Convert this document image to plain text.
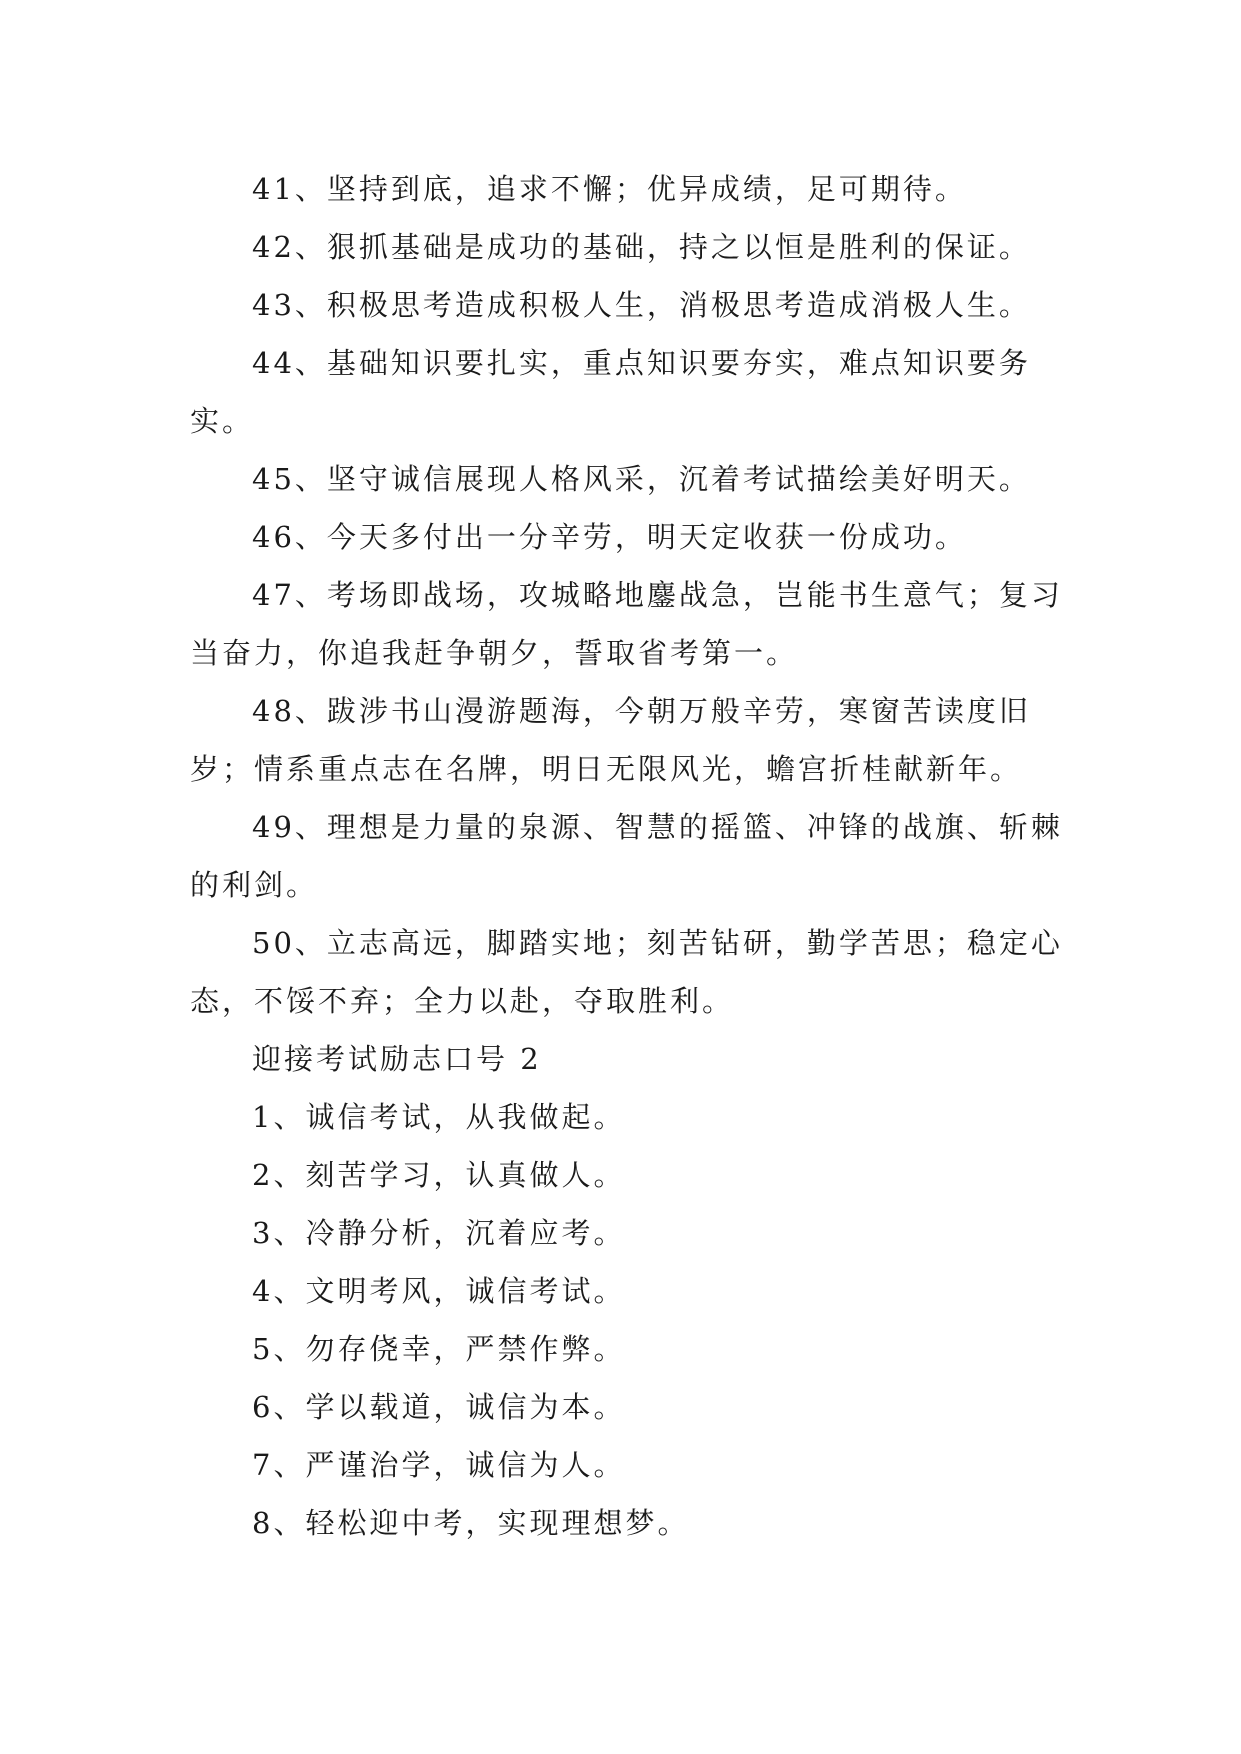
41、坚持到底，追求不懈；优异成绩，足可期待。

42、狠抓基础是成功的基础，持之以恒是胜利的保证。

43、积极思考造成积极人生，消极思考造成消极人生。

44、基础知识要扎实，重点知识要夯实，难点知识要务实。

45、坚守诚信展现人格风采，沉着考试描绘美好明天。

46、今天多付出一分辛劳，明天定收获一份成功。

47、考场即战场，攻城略地鏖战急，岂能书生意气；复习当奋力，你追我赶争朝夕，誓取省考第一。

48、跋涉书山漫游题海，今朝万般辛劳，寒窗苦读度旧岁；情系重点志在名牌，明日无限风光，蟾宫折桂献新年。

49、理想是力量的泉源、智慧的摇篮、冲锋的战旗、斩棘的利剑。

50、立志高远，脚踏实地；刻苦钻研，勤学苦思；稳定心态，不馁不弃；全力以赴，夺取胜利。

迎接考试励志口号 2

1、诚信考试，从我做起。

2、刻苦学习，认真做人。

3、冷静分析，沉着应考。

4、文明考风，诚信考试。

5、勿存侥幸，严禁作弊。

6、学以载道，诚信为本。

7、严谨治学，诚信为人。

8、轻松迎中考，实现理想梦。
